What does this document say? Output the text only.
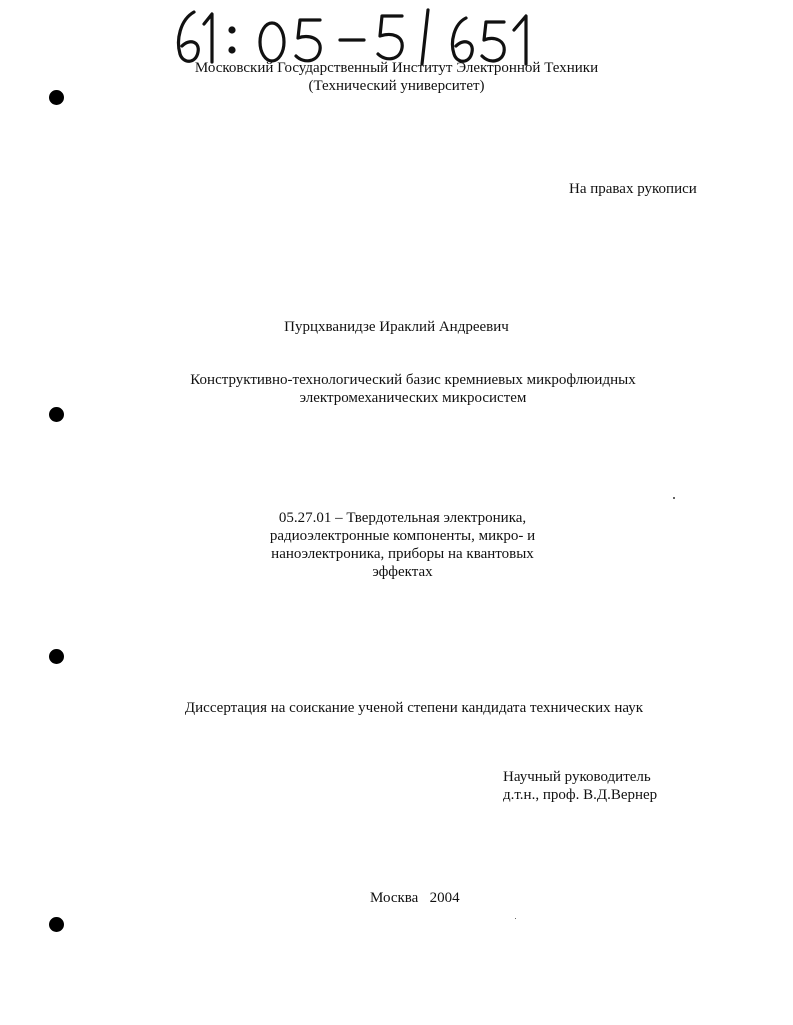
Московский Государственный Институт Электронной Техники
(Технический университет)
На правах рукописи
Пурцхванидзе Ираклий Андреевич
Конструктивно-технологический базис кремниевых микрофлюидных
электромеханических микросистем
05.27.01 – Твердотельная электроника,
радиоэлектронные компоненты, микро- и
наноэлектроника, приборы на квантовых
эффектах
Диссертация на соискание ученой степени кандидата технических наук
Научный руководитель
д.т.н., проф. В.Д.Вернер
Москва   2004
